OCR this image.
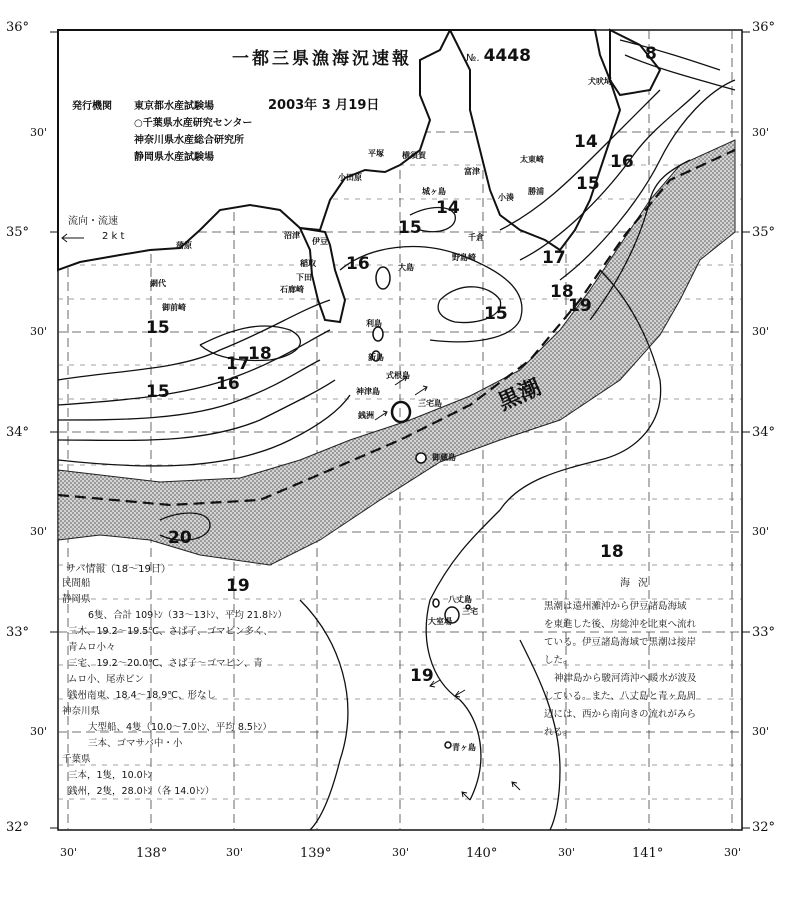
一都三県漁海況速報	№. 4448
発行機関	東京都水産試験場
○千葉県水産研究センター
神奈川県水産総合研究所
静岡県水産試験場
2003年 3 月19日
流向・流速
2 k t
36°
30'
35°
30'
34°
30'
33°
30'
32°
36°
30'
35°
30'
34°
30'
33°
30'
32°
30'	138°	30'	139°	30'	140°	30'	141°	30'
8
14
16
15
14
15
16	17
18
19
15
15
18
17
16
15
20
19
18
19
犬吠埼
平塚 横須賀
小田原
城ヶ島
富津
太東崎
勝浦
小湊
沼津
伊豆	千倉
野島崎
蒲原
網代
稲取	大島
下田
石廊崎
御前崎
利島
新島
式根島
神津島
三宅島
御蔵島
八丈島
青ヶ島
三宅
大室場
銭洲	黒潮
サバ情報（18～19日）
民間船
静岡県
6隻、合計 109ﾄﾝ（33～13ﾄﾝ、平均 21.8ﾄﾝ）
三木、19.2～19.5℃、さば子、ゴマビン多く、
青ムロ小々
三宅、19.2～20.0℃、さば子～ゴマビン、青
ムロ小、尾赤ビン
銭州南東、18.4～18.9℃、形なし
神奈川県
大型船、4隻（10.0～7.0ﾄﾝ、平均 8.5ﾄﾝ）
三本、ゴマサバ中・小
千葉県
三本，1隻，10.0ﾄﾝ
銭州，2隻，28.0ﾄﾝ（各 14.0ﾄﾝ）
海況
黒潮は遠州灘沖から伊豆諸島海域
を東進した後、房総沖を北東へ流れ
ている。伊豆諸島海域で黒潮は接岸
した。
神津島から駿河湾沖へ暖水が波及
している。また、八丈島と青ヶ島周
辺には、西から南向きの流れがみら
れる。
